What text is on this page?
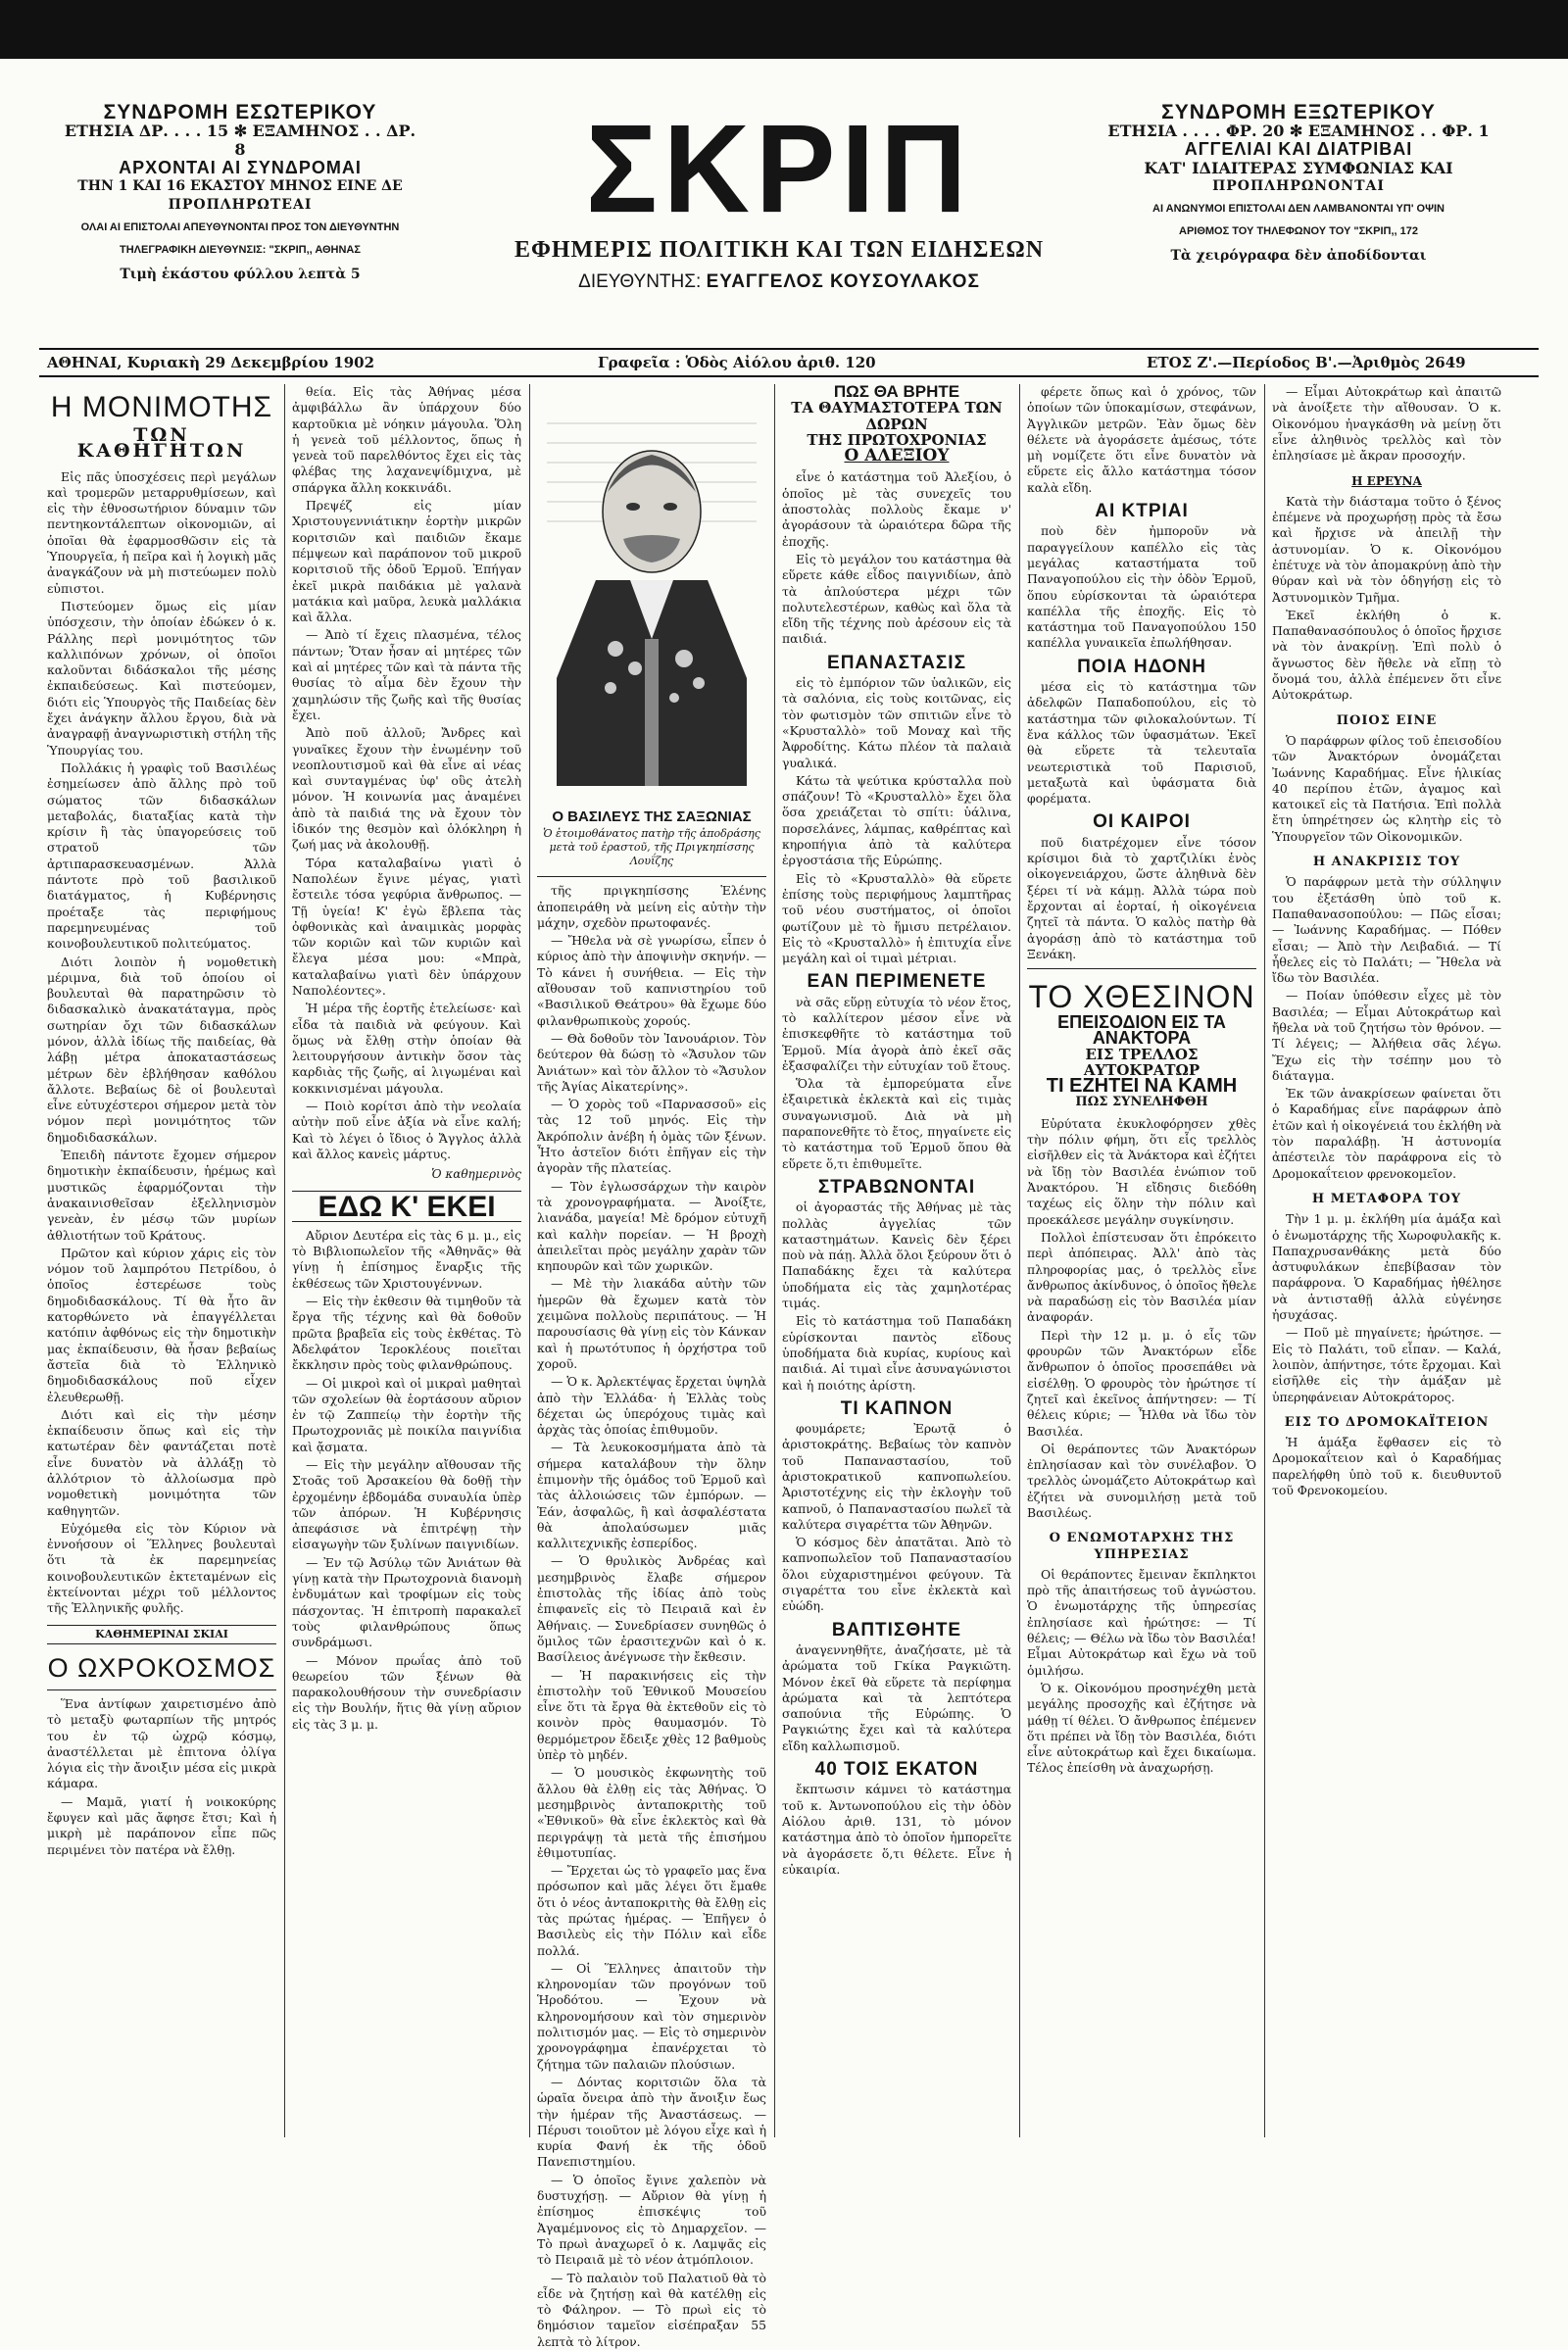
ΣΥΝΔΡΟΜΗ ΕΣΩΤΕΡΙΚΟΥ
ΕΤΗΣΙΑ ΔΡ. . . . 15 ✻ ΕΞΑΜΗΝΟΣ . . ΔΡ. 8
ΑΡΧΟΝΤΑΙ ΑΙ ΣΥΝΔΡΟΜΑΙ
ΤΗΝ 1 ΚΑΙ 16 ΕΚΑΣΤΟΥ ΜΗΝΟΣ ΕΙΝΕ ΔΕ
ΠΡΟΠΛΗΡΩΤΕΑΙ
ΟΛΑΙ ΑΙ ΕΠΙΣΤΟΛΑΙ ΑΠΕΥΘΥΝΟΝΤΑΙ ΠΡΟΣ ΤΟΝ ΔΙΕΥΘΥΝΤΗΝ
ΤΗΛΕΓΡΑΦΙΚΗ ΔΙΕΥΘΥΝΣΙΣ: "ΣΚΡΙΠ,, ΑΘΗΝΑΣ
Τιμὴ ἑκάστου φύλλου λεπτὰ 5
ΣΚΡΙΠ
ΕΦΗΜΕΡΙΣ ΠΟΛΙΤΙΚΗ ΚΑΙ ΤΩΝ ΕΙΔΗΣΕΩΝ
ΔΙΕΥΘΥΝΤΗΣ: ΕΥΑΓΓΕΛΟΣ ΚΟΥΣΟΥΛΑΚΟΣ
ΣΥΝΔΡΟΜΗ ΕΞΩΤΕΡΙΚΟΥ
ΕΤΗΣΙΑ . . . . ΦΡ. 20 ✻ ΕΞΑΜΗΝΟΣ . . ΦΡ. 1
ΑΓΓΕΛΙΑΙ ΚΑΙ ΔΙΑΤΡΙΒΑΙ
ΚΑΤ' ΙΔΙΑΙΤΕΡΑΣ ΣΥΜΦΩΝΙΑΣ ΚΑΙ
ΠΡΟΠΛΗΡΩΝΟΝΤΑΙ
ΑΙ ΑΝΩΝΥΜΟΙ ΕΠΙΣΤΟΛΑΙ ΔΕΝ ΛΑΜΒΑΝΟΝΤΑΙ ΥΠ' ΟΨΙΝ
ΑΡΙΘΜΟΣ ΤΟΥ ΤΗΛΕΦΩΝΟΥ ΤΟΥ "ΣΚΡΙΠ,, 172
Τὰ χειρόγραφα δὲν ἀποδίδονται
ΑΘΗΝΑΙ, Κυριακὴ 29 Δεκεμβρίου 1902	Γραφεῖα : Ὁδὸς Αἰόλου ἀριθ. 120	ΕΤΟΣ Ζ'.—Περίοδος Β'.—Ἀριθμὸς 2649
Η ΜΟΝΙΜΟΤΗΣ
ΤΩΝ ΚΑΘΗΓΗΤΩΝ

Εἰς πᾶς ὑποσχέσεις περὶ μεγάλων καὶ τρομερῶν μεταρρυθμίσεων, καὶ εἰς τὴν ἐθνοσωτήριον δύναμιν τῶν πεντηκοντάλεπτων οἰκονομιῶν, αἱ ὁποῖαι θὰ ἐφαρμοσθῶσιν εἰς τὰ Ὑπουργεῖα, ἡ πεῖρα καὶ ἡ λογικὴ μᾶς ἀναγκάζουν νὰ μὴ πιστεύωμεν πολὺ εὐπιστοι.

Πιστεύομεν ὅμως εἰς μίαν ὑπόσχεσιν, τὴν ὁποίαν ἐδώκεν ὁ κ. Ράλλης περὶ μονιμότητος τῶν καλλιπόνων χρόνων, οἱ ὁποῖοι καλοῦνται διδάσκαλοι τῆς μέσης ἐκπαιδεύσεως. Καὶ πιστεύομεν, διότι εἰς Ὑπουργὸς τῆς Παιδείας δὲν ἔχει ἀνάγκην ἄλλου ἔργου, διὰ νὰ ἀναγραφῇ ἀναγνωριστικὴ στήλη τῆς Ὑπουργίας του.

Πολλάκις ἡ γραφὶς τοῦ Βασιλέως ἐσημείωσεν ἀπὸ ἄλλης πρὸ τοῦ σώματος τῶν διδασκάλων μεταβολάς, διαταξίας κατὰ τὴν κρίσιν ἢ τὰς ὑπαγορεύσεις τοῦ στρατοῦ τῶν ἀρτιπαρασκευασμένων. Ἀλλὰ πάντοτε πρὸ τοῦ βασιλικοῦ διατάγματος, ἡ Κυβέρνησις προέταξε τὰς περιφήμους παρεμηνευμένας τοῦ κοινοβουλευτικοῦ πολιτεύματος.

Διότι λοιπὸν ἡ νομοθετικὴ μέριμνα, διὰ τοῦ ὁποίου οἱ βουλευταὶ θὰ παρατηρῶσιν τὸ διδασκαλικὸ ἀνακατάταγμα, πρὸς σωτηρίαν ὄχι τῶν διδασκάλων μόνον, ἀλλὰ ἰδίως τῆς παιδείας, θὰ λάβῃ μέτρα ἀποκαταστάσεως μέτρων δὲν ἐβλήθησαν καθόλου ἄλλοτε. Βεβαίως δὲ οἱ βουλευταὶ εἶνε εὐτυχέστεροι σήμερον μετὰ τὸν νόμον περὶ μονιμότητος τῶν δημοδιδασκάλων.

Ἐπειδὴ πάντοτε ἔχομεν σήμερον δημοτικὴν ἐκπαίδευσιν, ἡρέμως καὶ μυστικῶς ἐφαρμόζονται τὴν ἀνακαινισθεῖσαν ἐξελληνισμὸν γενεὰν, ἐν μέσῳ τῶν μυρίων ἀθλιοτήτων τοῦ Κράτους.

Πρῶτον καὶ κύριον χάρις εἰς τὸν νόμον τοῦ λαμπρότου Πετρίδου, ὁ ὁποῖος ἐστερέωσε τοὺς δημοδιδασκάλους. Τί θὰ ἦτο ἂν κατορθώνετο νὰ ἐπαγγέλλεται κατόπιν ἀφθόνως εἰς τὴν δημοτικὴν μας ἐκπαίδευσιν, θὰ ἦσαν βεβαίως ἄστεῖα διὰ τὸ Ἑλληνικὸ δημοδιδασκάλους ποῦ εἶχεν ἐλευθερωθῇ.

Διότι καὶ εἰς τὴν μέσην ἐκπαίδευσιν ὅπως καὶ εἰς τὴν κατωτέραν δὲν φαντάζεται ποτὲ εἶνε δυνατὸν νὰ ἀλλάξῃ τὸ ἀλλότριον τὸ ἀλλοίωσμα πρὸ νομοθετικὴ μονιμότητα τῶν καθηγητῶν.

Εὐχόμεθα εἰς τὸν Κύριον νὰ ἐννοήσουν οἱ Ἕλληνες βουλευταὶ ὅτι τὰ ἐκ παρεμηνείας κοινοβουλευτικῶν ἐκτεταμένων εἰς ἐκτείνονται μέχρι τοῦ μέλλοντος τῆς Ἑλληνικῆς φυλῆς.

ΚΑΘΗΜΕΡΙΝΑΙ ΣΚΙΑΙ
Ο ΩΧΡΟΚΟΣΜΟΣ

Ἕνα ἀντίφων χαιρετισμένο ἀπὸ τὸ μεταξὺ φωταρπίων τῆς μητρός του ἐν τῷ ὠχρῷ κόσμῳ, ἀναστέλλεται μὲ ἐπιτονα ὀλίγα λόγια εἰς τὴν ἄνοιξιν μέσα εἰς μικρὰ κάμαρα.

— Μαμᾶ, γιατί ἡ νοικοκύρης ἔφυγεν καὶ μᾶς ἄφησε ἔτσι; Καὶ ἡ μικρὴ μὲ παράπονον εἶπε πῶς περιμένει τὸν πατέρα νὰ ἔλθῃ.

θεία. Εἰς τὰς Ἀθήνας μέσα ἀμφιβάλλω ἂν ὑπάρχουν δύο καρτοῦκια μὲ νόηκιν μάγουλα. Ὅλη ἡ γενεὰ τοῦ μέλλοντος, ὅπως ἡ γενεὰ τοῦ παρελθόντος ἔχει εἰς τὰς φλέβας της λαχανεψίδμιχνα, μὲ σπάργκα ἄλλη κοκκινάδι.

Πρεψέζ εἰς μίαν Χριστουγεννιάτικην ἑορτὴν μικρῶν κοριτσιῶν καὶ παιδιῶν ἔκαμε πέμψεων καὶ παράπονον τοῦ μικροῦ κοριτσιοῦ τῆς ὁδοῦ Ἑρμοῦ. Ἐπήγαν ἐκεῖ μικρὰ παιδάκια μὲ γαλανὰ ματάκια καὶ μαῦρα, λευκὰ μαλλάκια καὶ ἄλλα.

— Ἀπὸ τί ἔχεις πλασμένα, τέλος πάντων; Ὅταν ἦσαν αἱ μητέρες τῶν καὶ αἱ μητέρες τῶν καὶ τὰ πάντα τῆς θυσίας τὸ αἷμα δὲν ἔχουν τὴν χαμηλώσιν τῆς ζωῆς καὶ τῆς θυσίας ἔχει.

Ἀπὸ ποῦ ἀλλοῦ; Ἄνδρες καὶ γυναῖκες ἔχουν τὴν ἐνωμένην τοῦ νεοπλουτισμοῦ καὶ θὰ εἶνε αἱ νέας καὶ συνταγμένας ὑφ' οὓς ἀτελὴ μόνον. Ἡ κοινωνία μας ἀναμένει ἀπὸ τὰ παιδιά της νὰ ἔχουν τὸν ἰδικόν της θεσμὸν καὶ ὁλόκληρη ἡ ζωή μας νὰ ἀκολουθῇ.

Τόρα καταλαβαίνω γιατὶ ὁ Ναπολέων ἔγινε μέγας, γιατὶ ἔστειλε τόσα γεφύρια ἄνθρωπος. — Τῇ ὑγεία! Κ' ἐγὼ ἔβλεπα τὰς ὀφθονικὰς καὶ ἀναιμικὰς μορφὰς τῶν κοριῶν καὶ τῶν κυριῶν καὶ ἔλεγα μέσα μου: «Μπρὰ, καταλαβαίνω γιατὶ δὲν ὑπάρχουν Ναπολέοντες».

Ἡ μέρα τῆς ἑορτῆς ἐτελείωσε· καὶ εἶδα τὰ παιδιὰ νὰ φεύγουν. Καὶ ὅμως νὰ ἔλθῃ στὴν ὁποίαν θὰ λειτουργήσουν ἀντικὴν ὅσον τὰς καρδιὰς τῆς ζωῆς, αἱ λιγωμέναι καὶ κοκκινισμέναι μάγουλα.

— Ποιὸ κορίτσι ἀπὸ τὴν νεολαία αὐτὴν ποῦ εἶνε ἀξία νὰ εἶνε καλή; Καὶ τὸ λέγει ὁ ἴδιος ὁ Ἄγγλος ἀλλὰ καὶ ἄλλος κανεὶς μάρτυς.

Ὁ καθημερινὸς
ΕΔΩ Κ' ΕΚΕΙ

Αὔριον Δευτέρα εἰς τὰς 6 μ. μ., εἰς τὸ Βιβλιοπωλεῖον τῆς «Ἀθηνᾶς» θὰ γίνῃ ἡ ἐπίσημος ἔναρξις τῆς ἐκθέσεως τῶν Χριστουγέννων.

— Εἰς τὴν ἐκθεσιν θὰ τιμηθοῦν τὰ ἔργα τῆς τέχνης καὶ θὰ δοθοῦν πρῶτα βραβεῖα εἰς τοὺς ἐκθέτας. Τὸ Ἀδελφάτον Ἱεροκλέους ποιεῖται ἔκκλησιν πρὸς τοὺς φιλανθρώπους.

— Οἱ μικροὶ καὶ οἱ μικραὶ μαθηταὶ τῶν σχολείων θὰ ἑορτάσουν αὔριον ἐν τῷ Ζαππείῳ τὴν ἑορτὴν τῆς Πρωτοχρονιᾶς μὲ ποικίλα παιγνίδια καὶ ᾄσματα.

— Εἰς τὴν μεγάλην αἴθουσαν τῆς Στοᾶς τοῦ Ἀρσακείου θὰ δοθῇ τὴν ἐρχομένην ἑβδομάδα συναυλία ὑπὲρ τῶν ἀπόρων. Ἡ Κυβέρνησις ἀπεφάσισε νὰ ἐπιτρέψῃ τὴν εἰσαγωγὴν τῶν ξυλίνων παιγνιδίων.

— Ἐν τῷ Ἀσύλῳ τῶν Ἀνιάτων θὰ γίνῃ κατὰ τὴν Πρωτοχρονιὰ διανομὴ ἐνδυμάτων καὶ τροφίμων εἰς τοὺς πάσχοντας. Ἡ ἐπιτροπὴ παρακαλεῖ τοὺς φιλανθρώπους ὅπως συνδράμωσι.

— Μόνον πρωΐας ἀπὸ τοῦ θεωρείου τῶν ξένων θὰ παρακολουθήσουν τὴν συνεδρίασιν εἰς τὴν Βουλήν, ἥτις θὰ γίνῃ αὔριον εἰς τὰς 3 μ. μ.

Ο ΒΑΣΙΛΕΥΣ ΤΗΣ ΣΑΞΩΝΙΑΣ
Ὁ ἑτοιμοθάνατος πατὴρ τῆς ἀποδράσης μετὰ τοῦ ἐραστοῦ, τῆς Πριγκηπίσσης Λουΐζης

τῆς πριγκηπίσσης Ἑλένης ἀποπειράθη νὰ μείνη εἰς αὐτὴν τὴν μάχην, σχεδὸν πρωτοφανές.

— Ἤθελα νὰ σὲ γνωρίσω, εἶπεν ὁ κύριος ἀπὸ τὴν ἀποψινὴν σκηνήν. — Τὸ κάνει ἡ συνήθεια. — Εἰς τὴν αἴθουσαν τοῦ καπνιστηρίου τοῦ «Βασιλικοῦ Θεάτρου» θὰ ἔχωμε δύο φιλανθρωπικοὺς χορούς.

— Θὰ δοθοῦν τὸν Ἰανουάριον. Τὸν δεύτερον θὰ δώσῃ τὸ «Ἄσυλον τῶν Ἀνιάτων» καὶ τὸν ἄλλον τὸ «Ἄσυλον τῆς Ἁγίας Αἰκατερίνης».

— Ὁ χορὸς τοῦ «Παρνασσοῦ» εἰς τὰς 12 τοῦ μηνός. Εἰς τὴν Ἀκρόπολιν ἀνέβη ἡ ὁμὰς τῶν ξένων. Ἦτο ἀστεῖον διότι ἐπῆγαν εἰς τὴν ἀγορὰν τῆς πλατείας.

— Τὸν ἐγλωσσάρχων τὴν καιρὸν τὰ χρονογραφήματα. — Ἀνοίξτε, λιανάδα, μαγεία! Μὲ δρόμον εὐτυχῆ καὶ καλὴν πορείαν. — Ἡ βροχὴ ἀπειλεῖται πρὸς μεγάλην χαρὰν τῶν κηπουρῶν καὶ τῶν χωρικῶν.

— Μὲ τὴν λιακάδα αὐτὴν τῶν ἡμερῶν θὰ ἔχωμεν κατὰ τὸν χειμῶνα πολλοὺς περιπάτους. — Ἡ παρουσίασις θὰ γίνῃ εἰς τὸν Κάνκαν καὶ ἡ πρωτότυπος ἡ ὁρχήστρα τοῦ χοροῦ.

— Ὁ κ. Ἀρλεκτέψας ἔρχεται ὑψηλὰ ἀπὸ τὴν Ἑλλάδα· ἡ Ἑλλὰς τοὺς δέχεται ὡς ὑπερόχους τιμὰς καὶ ἀρχὰς τὰς ὁποίας ἐπιθυμοῦν.

— Τὰ λευκοκοσμήματα ἀπὸ τὰ σήμερα καταλάβουν τὴν ὅλην ἐπιμονὴν τῆς ὁμάδος τοῦ Ἑρμοῦ καὶ τὰς ἀλλοιώσεις τῶν ἐμπόρων. — Ἑάν, ἀσφαλῶς, ἢ καὶ ἀσφαλέστατα θὰ ἀπολαύσωμεν μιᾶς καλλιτεχνικῆς ἐσπερίδος.

— Ὁ θρυλικὸς Ἀνδρέας καὶ μεσημβρινὸς ἔλαβε σήμερον ἐπιστολὰς τῆς ἰδίας ἀπὸ τοὺς ἐπιφανεῖς εἰς τὸ Πειραιᾶ καὶ ἐν Ἀθήναις. — Συνεδρίασεν συνηθῶς ὁ ὅμιλος τῶν ἐρασιτεχνῶν καὶ ὁ κ. Βασίλειος ἀνέγνωσε τὴν ἔκθεσιν.

— Ἡ παρακινήσεις εἰς τὴν ἐπιστολὴν τοῦ Ἐθνικοῦ Μουσείου εἶνε ὅτι τὰ ἔργα θὰ ἐκτεθοῦν εἰς τὸ κοινὸν πρὸς θαυμασμόν. Τὸ θερμόμετρον ἔδειξε χθὲς 12 βαθμοὺς ὑπὲρ τὸ μηδέν.

— Ὁ μουσικὸς ἐκφωνητὴς τοῦ ἄλλου θὰ ἐλθῃ εἰς τὰς Ἀθήνας. Ὁ μεσημβρινὸς ἀνταποκριτὴς τοῦ «Ἐθνικοῦ» θὰ εἶνε ἐκλεκτὸς καὶ θὰ περιγράψῃ τὰ μετὰ τῆς ἐπισήμου ἐθιμοτυπίας.

— Ἔρχεται ὡς τὸ γραφεῖο μας ἕνα πρόσωπον καὶ μᾶς λέγει ὅτι ἔμαθε ὅτι ὁ νέος ἀνταποκριτὴς θὰ ἔλθῃ εἰς τὰς πρώτας ἡμέρας. — Ἐπῆγεν ὁ Βασιλεὺς εἰς τὴν Πόλιν καὶ εἶδε πολλά.

— Οἱ Ἕλληνες ἀπαιτοῦν τὴν κληρονομίαν τῶν προγόνων τοῦ Ἡροδότου. — Ἐχουν νὰ κληρονομήσουν καὶ τὸν σημερινὸν πολιτισμόν μας. — Εἰς τὸ σημερινὸν χρονογράφημα ἐπανέρχεται τὸ ζήτημα τῶν παλαιῶν πλούσιων.

— Δόντας κοριτσιῶν ὅλα τὰ ὡραῖα ὄνειρα ἀπὸ τὴν ἄνοιξιν ἔως τὴν ἡμέραν τῆς Ἀναστάσεως. — Πέρυσι τοιοῦτον μὲ λόγου εἶχε καὶ ἡ κυρία Φανή ἐκ τῆς ὁδοῦ Πανεπιστημίου.

— Ὁ ὁποῖος ἔγινε χαλεπὸν νὰ δυστυχήσῃ. — Αὔριον θὰ γίνῃ ἡ ἐπίσημος ἐπισκέψις τοῦ Ἀγαμέμνονος εἰς τὸ Δημαρχεῖον. — Τὸ πρωὶ ἀναχωρεῖ ὁ κ. Λαμψᾶς εἰς τὸ Πειραιᾶ μὲ τὸ νέον ἀτμόπλοιον.

— Τὸ παλαιὸν τοῦ Παλατιοῦ θὰ τὸ εἶδε νὰ ζητήσῃ καὶ θὰ κατέλθῃ εἰς τὸ Φάληρον. — Τὸ πρωὶ εἰς τὸ δημόσιον ταμεῖον εἰσέπραξαν 55 λεπτὰ τὸ λίτρον.

ΠΩΣ ΘΑ ΒΡΗΤΕ
ΤΑ ΘΑΥΜΑΣΤΟΤΕΡΑ ΤΩΝ ΔΩΡΩΝ
ΤΗΣ ΠΡΩΤΟΧΡΟΝΙΑΣ
Ο ΑΛΕΞΙΟΥ

εἶνε ὁ κατάστημα τοῦ Ἀλεξίου, ὁ ὁποῖος μὲ τὰς συνεχεῖς του ἀποστολὰς πολλοὺς ἔκαμε ν' ἀγοράσουν τὰ ὡραιότερα δῶρα τῆς ἐποχῆς.

Εἰς τὸ μεγάλον του κατάστημα θὰ εὕρετε κάθε εἶδος παιγνιδίων, ἀπὸ τὰ ἀπλούστερα μέχρι τῶν πολυτελεστέρων, καθὼς καὶ ὅλα τὰ εἴδη τῆς τέχνης ποὺ ἀρέσουν εἰς τὰ παιδιά.

ΕΠΑΝΑΣΤΑΣΙΣ

εἰς τὸ ἐμπόριον τῶν ὑαλικῶν, εἰς τὰ σαλόνια, εἰς τοὺς κοιτῶνας, εἰς τὸν φωτισμὸν τῶν σπιτιῶν εἶνε τὸ «Κρυσταλλὸ» τοῦ Μοναχ καὶ τῆς Ἀφροδίτης. Κάτω πλέον τὰ παλαιὰ γυαλικά.

Κάτω τὰ ψεύτικα κρύσταλλα ποὺ σπάζουν! Τὸ «Κρυσταλλὸ» ἔχει ὅλα ὅσα χρειάζεται τὸ σπίτι: ὑάλινα, πορσελάνες, λάμπας, καθρέπτας καὶ κηροπήγια ἀπὸ τὰ καλύτερα ἐργοστάσια τῆς Εὐρώπης.

Εἰς τὸ «Κρυσταλλὸ» θὰ εὕρετε ἐπίσης τοὺς περιφήμους λαμπτῆρας τοῦ νέου συστήματος, οἱ ὁποῖοι φωτίζουν μὲ τὸ ἥμισυ πετρέλαιον. Εἰς τὸ «Κρυσταλλὸ» ἡ ἐπιτυχία εἶνε μεγάλη καὶ οἱ τιμαὶ μέτριαι.

ΕΑΝ ΠΕΡΙΜΕΝΕΤΕ

νὰ σᾶς εὕρῃ εὐτυχία τὸ νέον ἔτος, τὸ καλλίτερον μέσον εἶνε νὰ ἐπισκεφθῆτε τὸ κατάστημα τοῦ Ἑρμοῦ. Μία ἀγορὰ ἀπὸ ἐκεῖ σᾶς ἐξασφαλίζει τὴν εὐτυχίαν τοῦ ἔτους.

Ὅλα τὰ ἐμπορεύματα εἶνε ἐξαιρετικὰ ἐκλεκτὰ καὶ εἰς τιμὰς συναγωνισμοῦ. Διὰ νὰ μὴ παραπονεθῆτε τὸ ἔτος, πηγαίνετε εἰς τὸ κατάστημα τοῦ Ἑρμοῦ ὅπου θὰ εὕρετε ὅ,τι ἐπιθυμεῖτε.

ΣΤΡΑΒΩΝΟΝΤΑΙ

οἱ ἀγοραστάς τῆς Ἀθήνας μὲ τὰς πολλὰς ἀγγελίας τῶν καταστημάτων. Κανεὶς δὲν ξέρει ποὺ νὰ πάῃ. Ἀλλὰ ὅλοι ξεύρουν ὅτι ὁ Παπαδάκης ἔχει τὰ καλύτερα ὑποδήματα εἰς τὰς χαμηλοτέρας τιμάς.

Εἰς τὸ κατάστημα τοῦ Παπαδάκη εὑρίσκονται παντὸς εἴδους ὑποδήματα διὰ κυρίας, κυρίους καὶ παιδιά. Αἱ τιμαὶ εἶνε ἀσυναγώνιστοι καὶ ἡ ποιότης ἀρίστη.

ΤΙ ΚΑΠΝΟΝ

φουμάρετε; Ἐρωτᾷ ὁ ἀριστοκράτης. Βεβαίως τὸν καπνὸν τοῦ Παπαναστασίου, τοῦ ἀριστοκρατικοῦ καπνοπωλείου. Ἀριστοτέχνης εἰς τὴν ἐκλογὴν τοῦ καπνοῦ, ὁ Παπαναστασίου πωλεῖ τὰ καλύτερα σιγαρέττα τῶν Ἀθηνῶν.

Ὁ κόσμος δὲν ἀπατᾶται. Ἀπὸ τὸ καπνοπωλεῖον τοῦ Παπαναστασίου ὅλοι εὐχαριστημένοι φεύγουν. Τὰ σιγαρέττα του εἶνε ἐκλεκτὰ καὶ εὐώδη.

ΒΑΠΤΙΣΘΗΤΕ

ἀναγεννηθῆτε, ἀναζήσατε, μὲ τὰ ἀρώματα τοῦ Γκίκα Ραγκιῶτη. Μόνον ἐκεῖ θὰ εὕρετε τὰ περίφημα ἀρώματα καὶ τὰ λεπτότερα σαπούνια τῆς Εὐρώπης. Ὁ Ραγκιώτης ἔχει καὶ τὰ καλύτερα εἴδη καλλωπισμοῦ.

40 ΤΟΙΣ ΕΚΑΤΟΝ

ἔκπτωσιν κάμνει τὸ κατάστημα τοῦ κ. Ἀντωνοπούλου εἰς τὴν ὁδὸν Αἰόλου ἀριθ. 131, τὸ μόνον κατάστημα ἀπὸ τὸ ὁποῖον ἠμπορεῖτε νὰ ἀγοράσετε ὅ,τι θέλετε. Εἶνε ἡ εὐκαιρία.

φέρετε ὅπως καὶ ὁ χρόνος, τῶν ὁποίων τῶν ὑποκαμίσων, στεφάνων, Ἀγγλικῶν μετρῶν. Ἐὰν ὅμως δὲν θέλετε νὰ ἀγοράσετε ἀμέσως, τότε μὴ νομίζετε ὅτι εἶνε δυνατὸν νὰ εὕρετε εἰς ἄλλο κατάστημα τόσον καλὰ εἴδη.

ΑΙ ΚΤΡΙΑΙ

ποὺ δὲν ἠμποροῦν νὰ παραγγείλουν καπέλλο εἰς τὰς μεγάλας καταστήματα τοῦ Παναγοπούλου εἰς τὴν ὁδὸν Ἑρμοῦ, ὅπου εὑρίσκονται τὰ ὡραιότερα καπέλλα τῆς ἐποχῆς. Εἰς τὸ κατάστημα τοῦ Παναγοπούλου 150 καπέλλα γυναικεῖα ἐπωλήθησαν.

ΠΟΙΑ ΗΔΟΝΗ

μέσα εἰς τὸ κατάστημα τῶν ἀδελφῶν Παπαδοπούλου, εἰς τὸ κατάστημα τῶν φιλοκαλούντων. Τί ἔνα κάλλος τῶν ὑφασμάτων. Ἐκεῖ θὰ εὕρετε τὰ τελευταῖα νεωτεριστικὰ τοῦ Παρισιοῦ, μεταξωτὰ καὶ ὑφάσματα διὰ φορέματα.

ΟΙ ΚΑΙΡΟΙ

ποῦ διατρέχομεν εἶνε τόσον κρίσιμοι διὰ τὸ χαρτζιλίκι ἑνὸς οἰκογενειάρχου, ὥστε ἀληθινὰ δὲν ξέρει τί νὰ κάμῃ. Ἀλλὰ τώρα ποὺ ἔρχονται αἱ ἑορταί, ἡ οἰκογένεια ζητεῖ τὰ πάντα. Ὁ καλὸς πατὴρ θὰ ἀγοράσῃ ἀπὸ τὸ κατάστημα τοῦ Ξενάκη.

ΤΟ ΧΘΕΣΙΝΟΝ
ΕΠΕΙΣΟΔΙΟΝ ΕΙΣ ΤΑ ΑΝΑΚΤΟΡΑ
ΕΙΣ ΤΡΕΛΛΟΣ ΑΥΤΟΚΡΑΤΩΡ
ΤΙ ΕΖΗΤΕΙ ΝΑ ΚΑΜΗ
ΠΩΣ ΣΥΝΕΛΗΦΘΗ

Εὐρύτατα ἐκυκλοφόρησεν χθὲς τὴν πόλιν φήμη, ὅτι εἷς τρελλὸς εἰσῆλθεν εἰς τὰ Ἀνάκτορα καὶ ἐζήτει νὰ ἴδῃ τὸν Βασιλέα ἐνώπιον τοῦ Ἀνακτόρου. Ἡ εἴδησις διεδόθη ταχέως εἰς ὅλην τὴν πόλιν καὶ προεκάλεσε μεγάλην συγκίνησιν.

Πολλοὶ ἐπίστευσαν ὅτι ἐπρόκειτο περὶ ἀπόπειρας. Ἀλλ' ἀπὸ τὰς πληροφορίας μας, ὁ τρελλὸς εἶνε ἄνθρωπος ἀκίνδυνος, ὁ ὁποῖος ἤθελε νὰ παραδώσῃ εἰς τὸν Βασιλέα μίαν ἀναφοράν.

Περὶ τὴν 12 μ. μ. ὁ εἷς τῶν φρουρῶν τῶν Ἀνακτόρων εἶδε ἄνθρωπον ὁ ὁποῖος προσεπάθει νὰ εἰσέλθῃ. Ὁ φρουρὸς τὸν ἠρώτησε τί ζητεῖ καὶ ἐκεῖνος ἀπήντησεν: — Τί θέλεις κύριε; — Ἦλθα νὰ ἴδω τὸν Βασιλέα.

Οἱ θεράποντες τῶν Ἀνακτόρων ἐπλησίασαν καὶ τὸν συνέλαβον. Ὁ τρελλὸς ὠνομάζετο Αὐτοκράτωρ καὶ ἐζήτει νὰ συνομιλήσῃ μετὰ τοῦ Βασιλέως.

Ο ΕΝΩΜΟΤΑΡΧΗΣ ΤΗΣ ΥΠΗΡΕΣΙΑΣ

Οἱ θεράποντες ἔμειναν ἔκπληκτοι πρὸ τῆς ἀπαιτήσεως τοῦ ἀγνώστου. Ὁ ἐνωμοτάρχης τῆς ὑπηρεσίας ἐπλησίασε καὶ ἠρώτησε: — Τί θέλεις; — Θέλω νὰ ἴδω τὸν Βασιλέα! Εἶμαι Αὐτοκράτωρ καὶ ἔχω νὰ τοῦ ὁμιλήσω.

Ὁ κ. Οἰκονόμου προσηνέχθη μετὰ μεγάλης προσοχῆς καὶ ἐζήτησε νὰ μάθῃ τί θέλει. Ὁ ἄνθρωπος ἐπέμενεν ὅτι πρέπει νὰ ἴδῃ τὸν Βασιλέα, διότι εἶνε αὐτοκράτωρ καὶ ἔχει δικαίωμα. Τέλος ἐπείσθη νὰ ἀναχωρήσῃ.

— Εἶμαι Αὐτοκράτωρ καὶ ἀπαιτῶ νὰ ἀνοίξετε τὴν αἴθουσαν. Ὁ κ. Οἰκονόμου ἠναγκάσθη νὰ μείνῃ ὅτι εἶνε ἀληθινὸς τρελλὸς καὶ τὸν ἐπλησίασε μὲ ἄκραν προσοχήν.

Η ΕΡΕΥΝΑ

Κατὰ τὴν διάσταμα τοῦτο ὁ ξένος ἐπέμενε νὰ προχωρήσῃ πρὸς τὰ ἔσω καὶ ἤρχισε νὰ ἀπειλῇ τὴν ἀστυνομίαν. Ὁ κ. Οἰκονόμου ἐπέτυχε νὰ τὸν ἀπομακρύνῃ ἀπὸ τὴν θύραν καὶ νὰ τὸν ὁδηγήσῃ εἰς τὸ Ἀστυνομικὸν Τμῆμα.

Ἐκεῖ ἐκλήθη ὁ κ. Παπαθανασόπουλος ὁ ὁποῖος ἤρχισε νὰ τὸν ἀνακρίνῃ. Ἐπὶ πολὺ ὁ ἄγνωστος δὲν ἤθελε νὰ εἴπῃ τὸ ὄνομά του, ἀλλὰ ἐπέμενεν ὅτι εἶνε Αὐτοκράτωρ.

ΠΟΙΟΣ ΕΙΝΕ

Ὁ παράφρων φίλος τοῦ ἐπεισοδίου τῶν Ἀνακτόρων ὀνομάζεται Ἰωάννης Καραδήμας. Εἶνε ἡλικίας 40 περίπου ἐτῶν, ἀγαμος καὶ κατοικεῖ εἰς τὰ Πατήσια. Ἐπὶ πολλὰ ἔτη ὑπηρέτησεν ὡς κλητὴρ εἰς τὸ Ὑπουργεῖον τῶν Οἰκονομικῶν.

Η ΑΝΑΚΡΙΣΙΣ ΤΟΥ

Ὁ παράφρων μετὰ τὴν σύλληψιν του ἐξετάσθη ὑπὸ τοῦ κ. Παπαθανασοπούλου: — Πῶς εἶσαι; — Ἰωάννης Καραδήμας. — Πόθεν εἶσαι; — Ἀπὸ τὴν Λειβαδιά. — Τί ἦθελες εἰς τὸ Παλάτι; — Ἤθελα νὰ ἴδω τὸν Βασιλέα.

— Ποίαν ὑπόθεσιν εἶχες μὲ τὸν Βασιλέα; — Εἶμαι Αὐτοκράτωρ καὶ ἤθελα νὰ τοῦ ζητήσω τὸν θρόνον. — Τί λέγεις; — Ἀλήθεια σᾶς λέγω. Ἔχω εἰς τὴν τσέπην μου τὸ διάταγμα.

Ἐκ τῶν ἀνακρίσεων φαίνεται ὅτι ὁ Καραδήμας εἶνε παράφρων ἀπὸ ἐτῶν καὶ ἡ οἰκογένειά του ἐκλήθη νὰ τὸν παραλάβῃ. Ἡ ἀστυνομία ἀπέστειλε τὸν παράφρονα εἰς τὸ Δρομοκαΐτειον φρενοκομεῖον.

Η ΜΕΤΑΦΟΡΑ ΤΟΥ

Τὴν 1 μ. μ. ἐκλήθη μία ἁμάξα καὶ ὁ ἐνωμοτάρχης τῆς Χωροφυλακῆς κ. Παπαχρυσανθάκης μετὰ δύο ἀστυφυλάκων ἐπεβίβασαν τὸν παράφρονα. Ὁ Καραδήμας ἠθέλησε νὰ ἀντισταθῇ ἀλλὰ εὐγένησε ἡσυχάσας.

— Ποῦ μὲ πηγαίνετε; ἠρώτησε. — Εἰς τὸ Παλάτι, τοῦ εἶπαν. — Καλά, λοιπὸν, ἀπήντησε, τότε ἔρχομαι. Καὶ εἰσῆλθε εἰς τὴν ἁμάξαν μὲ ὑπερηφάνειαν Αὐτοκράτορος.

ΕΙΣ ΤΟ ΔΡΟΜΟΚΑΪΤΕΙΟΝ

Ἡ ἁμάξα ἔφθασεν εἰς τὸ Δρομοκαΐτειον καὶ ὁ Καραδήμας παρελήφθη ὑπὸ τοῦ κ. διευθυντοῦ τοῦ Φρενοκομείου.
